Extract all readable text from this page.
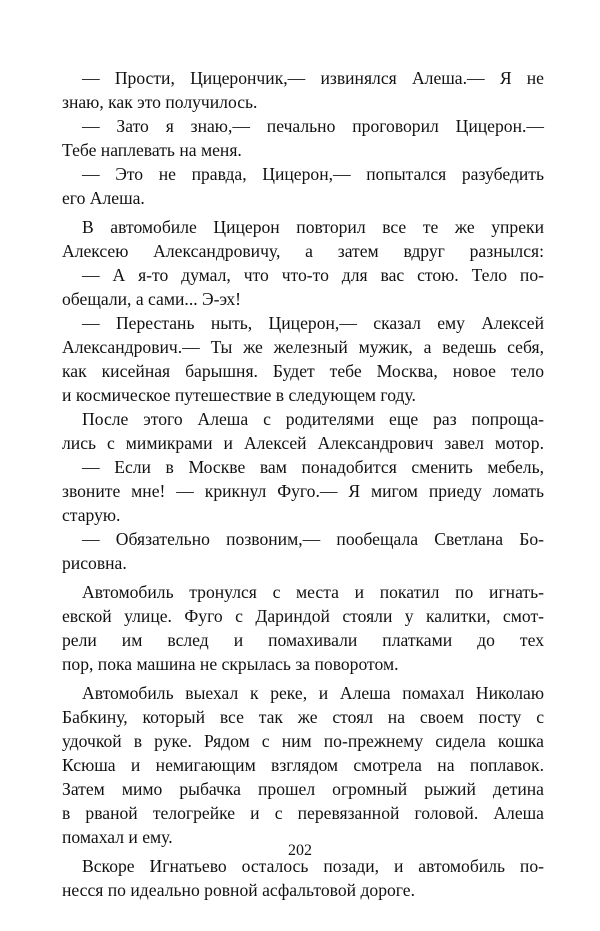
— Прости, Цицерончик,— извинялся Алеша.— Я не
знаю, как это получилось.
— Зато я знаю,— печально проговорил Цицерон.—
Тебе наплевать на меня.
— Это не правда, Цицерон,— попытался разубедить
его Алеша.
В автомобиле Цицерон повторил все те же упреки
Алексею Александровичу, а затем вдруг разнылся:
— А я-то думал, что что-то для вас стою. Тело по-
обещали, а сами... Э-эх!
— Перестань ныть, Цицерон,— сказал ему Алексей
Александрович.— Ты же железный мужик, а ведешь себя,
как кисейная барышня. Будет тебе Москва, новое тело
и космическое путешествие в следующем году.
После этого Алеша с родителями еще раз попроща-
лись с мимикрами и Алексей Александрович завел мотор.
— Если в Москве вам понадобится сменить мебель,
звоните мне! — крикнул Фуго.— Я мигом приеду ломать
старую.
— Обязательно позвоним,— пообещала Светлана Бо-
рисовна.
Автомобиль тронулся с места и покатил по игнать-
евской улице. Фуго с Дариндой стояли у калитки, смот-
рели им вслед и помахивали платками до тех
пор, пока машина не скрылась за поворотом.
Автомобиль выехал к реке, и Алеша помахал Николаю
Бабкину, который все так же стоял на своем посту с
удочкой в руке. Рядом с ним по-прежнему сидела кошка
Ксюша и немигающим взглядом смотрела на поплавок.
Затем мимо рыбачка прошел огромный рыжий детина
в рваной телогрейке и с перевязанной головой. Алеша
помахал и ему.
Вскоре Игнатьево осталось позади, и автомобиль по-
несся по идеально ровной асфальтовой дороге.
202
